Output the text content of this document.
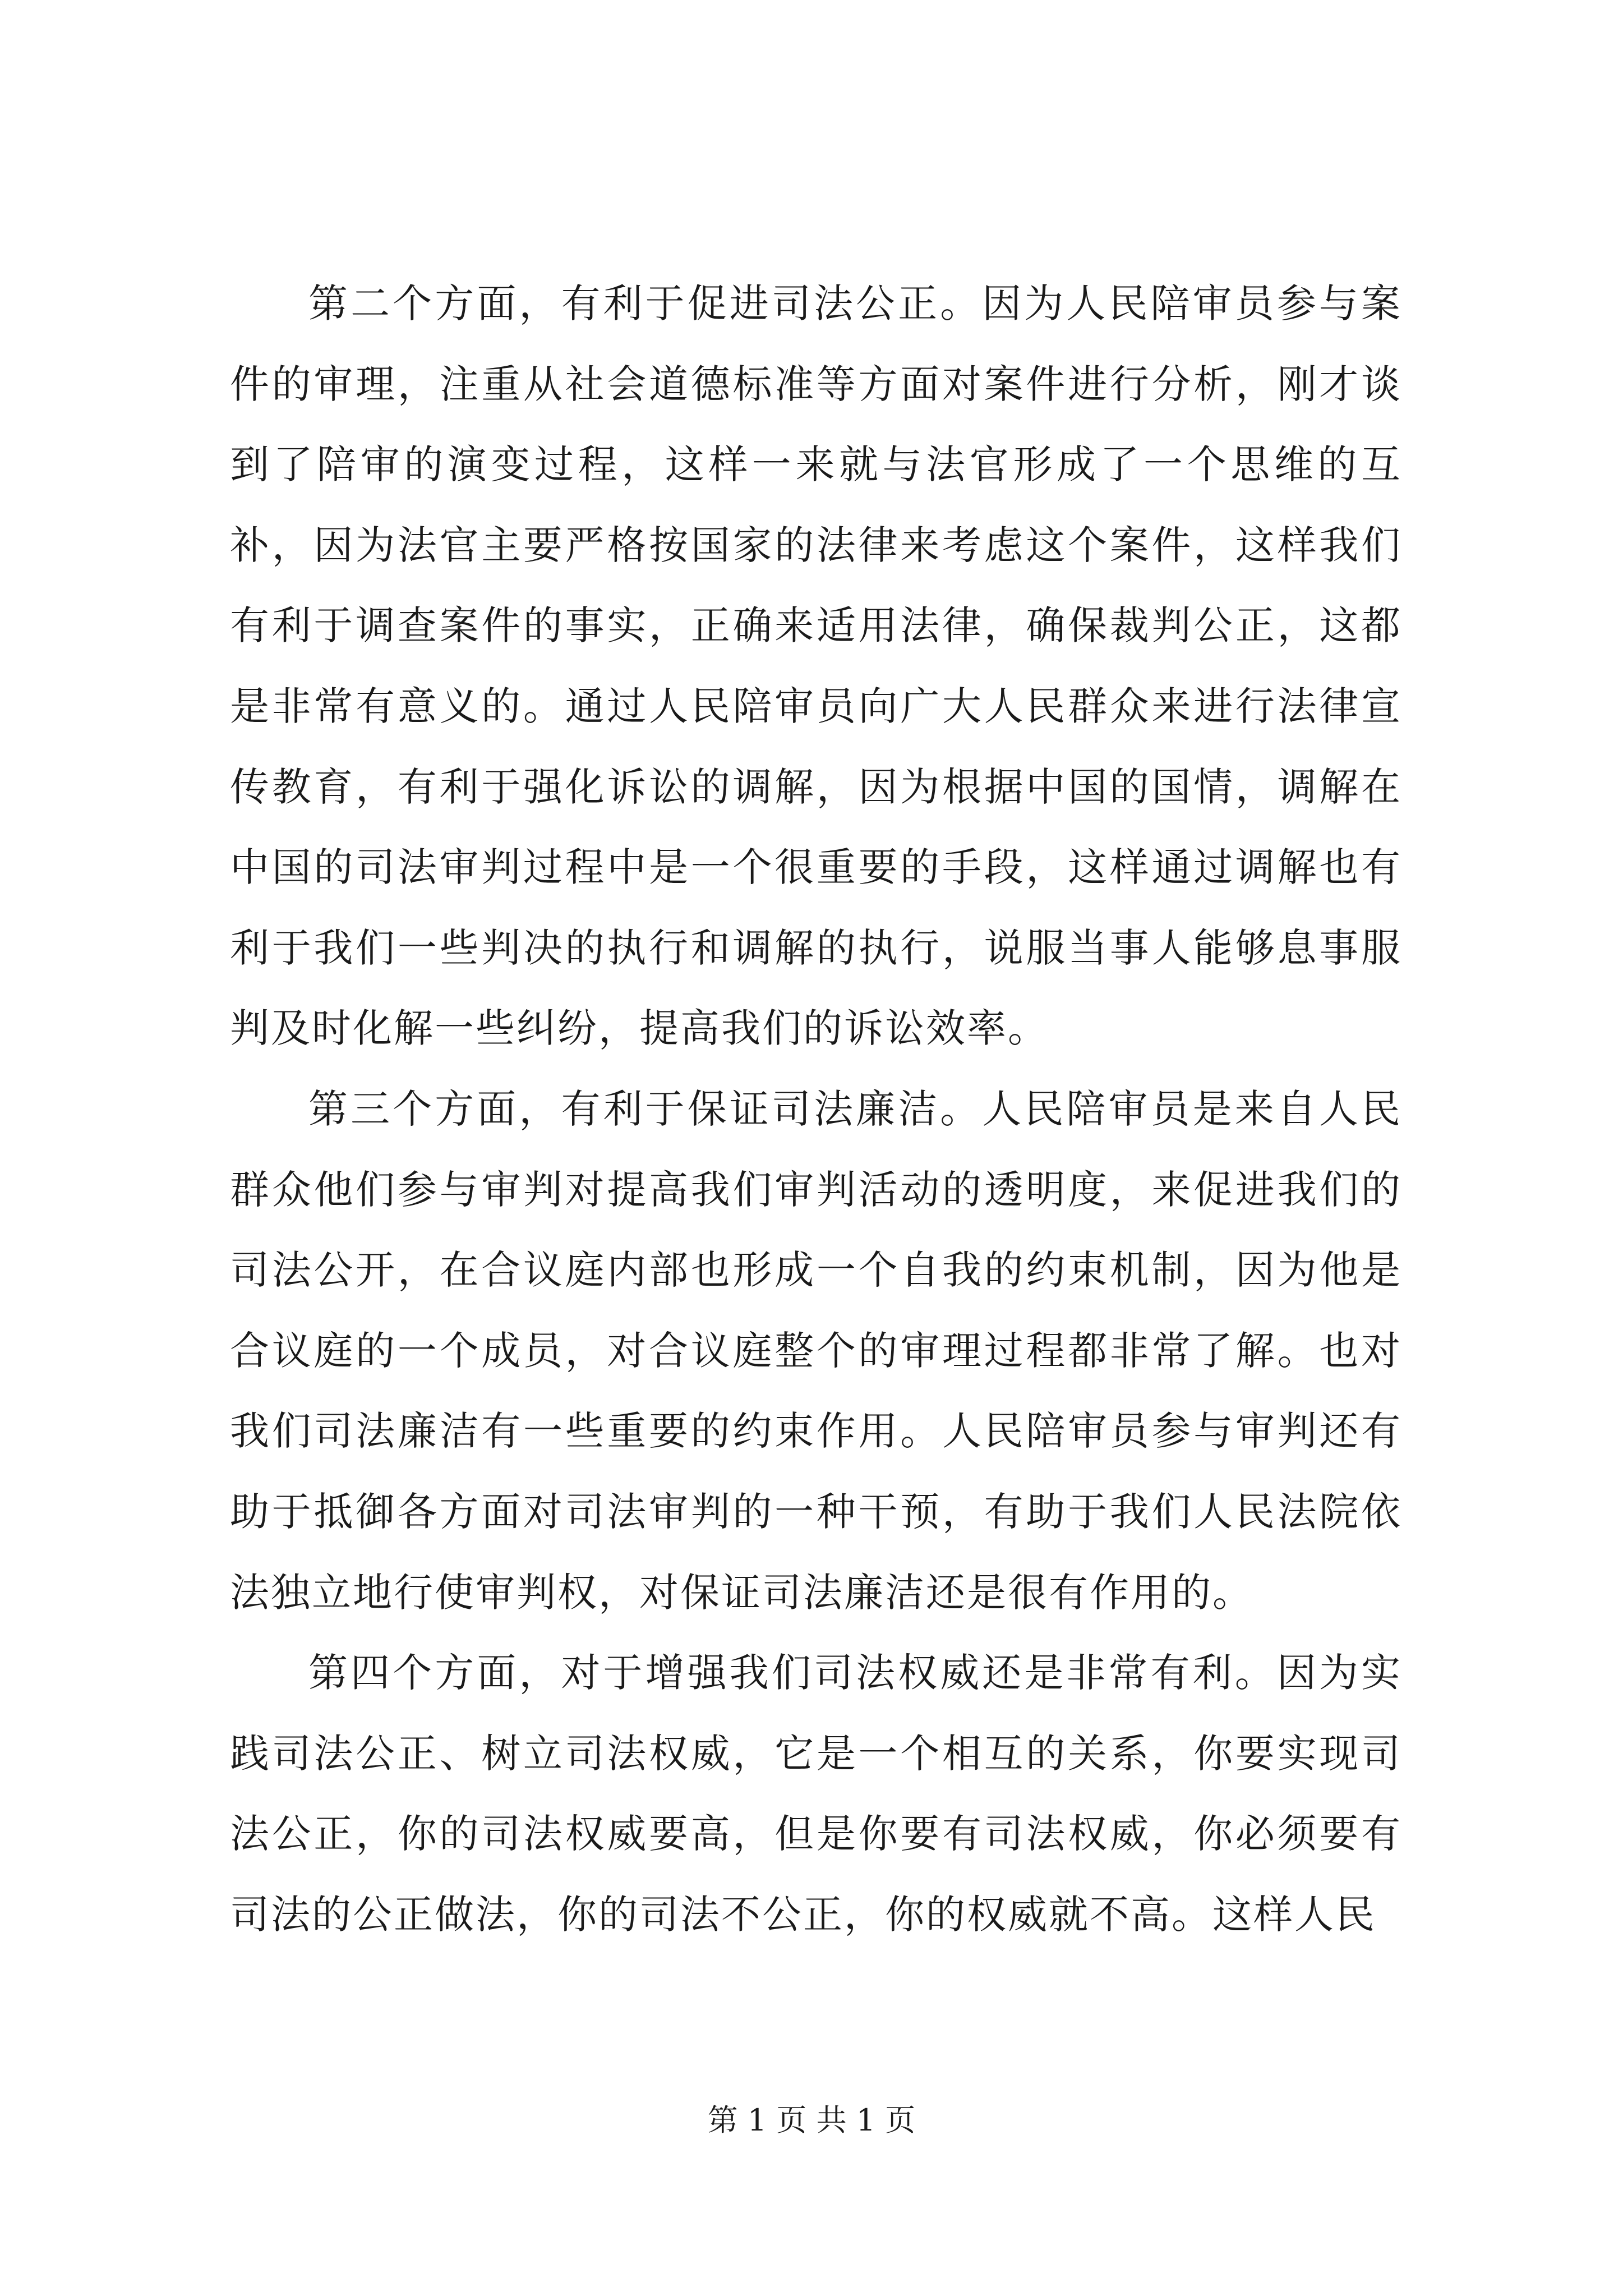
第二个方面，有利于促进司法公正。因为人民陪审员参与案件的审理，注重从社会道德标准等方面对案件进行分析，刚才谈到了陪审的演变过程，这样一来就与法官形成了一个思维的互补，因为法官主要严格按国家的法律来考虑这个案件，这样我们有利于调查案件的事实，正确来适用法律，确保裁判公正，这都是非常有意义的。通过人民陪审员向广大人民群众来进行法律宣传教育，有利于强化诉讼的调解，因为根据中国的国情，调解在中国的司法审判过程中是一个很重要的手段，这样通过调解也有利于我们一些判决的执行和调解的执行，说服当事人能够息事服判及时化解一些纠纷，提高我们的诉讼效率。

第三个方面，有利于保证司法廉洁。人民陪审员是来自人民群众他们参与审判对提高我们审判活动的透明度，来促进我们的司法公开，在合议庭内部也形成一个自我的约束机制，因为他是合议庭的一个成员，对合议庭整个的审理过程都非常了解。也对我们司法廉洁有一些重要的约束作用。人民陪审员参与审判还有助于抵御各方面对司法审判的一种干预，有助于我们人民法院依法独立地行使审判权，对保证司法廉洁还是很有作用的。

第四个方面，对于增强我们司法权威还是非常有利。因为实践司法公正、树立司法权威，它是一个相互的关系，你要实现司法公正，你的司法权威要高，但是你要有司法权威，你必须要有司法的公正做法，你的司法不公正，你的权威就不高。这样人民

第 1 页 共 1 页
